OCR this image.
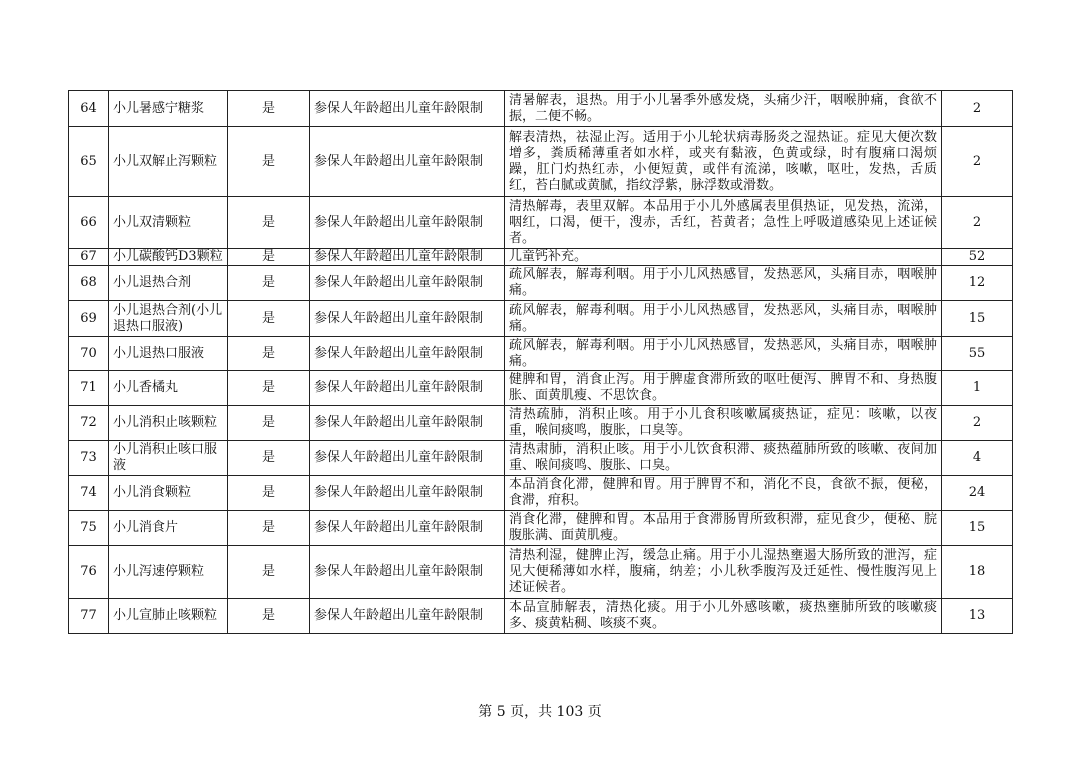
64	小儿暑感宁糖浆	是	参保人年龄超出儿童年龄限制	清暑解表，退热。用于小儿暑季外感发烧，头痛少汗，咽喉肿痛，食欲不振，二便不畅。	2
65	小儿双解止泻颗粒	是	参保人年龄超出儿童年龄限制	解表清热，祛湿止泻。适用于小儿轮状病毒肠炎之湿热证。症见大便次数增多，粪质稀薄重者如水样，或夹有黏液，色黄或绿，时有腹痛口渴烦躁，肛门灼热红赤，小便短黄，或伴有流涕，咳嗽，呕吐，发热，舌质红，苔白腻或黄腻，指纹浮紫，脉浮数或滑数。	2
66	小儿双清颗粒	是	参保人年龄超出儿童年龄限制	清热解毒，表里双解。本品用于小儿外感属表里俱热证，见发热，流涕，咽红，口渴，便干，溲赤，舌红，苔黄者；急性上呼吸道感染见上述证候者。	2
67	小儿碳酸钙D3颗粒	是	参保人年龄超出儿童年龄限制	儿童钙补充。	52
68	小儿退热合剂	是	参保人年龄超出儿童年龄限制	疏风解表，解毒利咽。用于小儿风热感冒，发热恶风，头痛目赤，咽喉肿痛。	12
69	小儿退热合剂(小儿退热口服液)	是	参保人年龄超出儿童年龄限制	疏风解表，解毒利咽。用于小儿风热感冒，发热恶风，头痛目赤，咽喉肿痛。	15
70	小儿退热口服液	是	参保人年龄超出儿童年龄限制	疏风解表，解毒利咽。用于小儿风热感冒，发热恶风，头痛目赤，咽喉肿痛。	55
71	小儿香橘丸	是	参保人年龄超出儿童年龄限制	健脾和胃，消食止泻。用于脾虚食滞所致的呕吐便泻、脾胃不和、身热腹胀、面黄肌瘦、不思饮食。	1
72	小儿消积止咳颗粒	是	参保人年龄超出儿童年龄限制	清热疏肺，消积止咳。用于小儿食积咳嗽属痰热证，症见：咳嗽，以夜重，喉间痰鸣，腹胀，口臭等。	2
73	小儿消积止咳口服液	是	参保人年龄超出儿童年龄限制	清热肃肺，消积止咳。用于小儿饮食积滞、痰热蕴肺所致的咳嗽、夜间加重、喉间痰鸣、腹胀、口臭。	4
74	小儿消食颗粒	是	参保人年龄超出儿童年龄限制	本品消食化滞，健脾和胃。用于脾胃不和，消化不良，食欲不振，便秘，食滞，疳积。	24
75	小儿消食片	是	参保人年龄超出儿童年龄限制	消食化滞，健脾和胃。本品用于食滞肠胃所致积滞，症见食少，便秘、脘腹胀满、面黄肌瘦。	15
76	小儿泻速停颗粒	是	参保人年龄超出儿童年龄限制	清热利湿，健脾止泻，缓急止痛。用于小儿湿热壅遏大肠所致的泄泻，症见大便稀薄如水样，腹痛，纳差；小儿秋季腹泻及迁延性、慢性腹泻见上述证候者。	18
77	小儿宣肺止咳颗粒	是	参保人年龄超出儿童年龄限制	本品宣肺解表，清热化痰。用于小儿外感咳嗽，痰热壅肺所致的咳嗽痰多、痰黄粘稠、咳痰不爽。	13
第 5 页，共 103 页
